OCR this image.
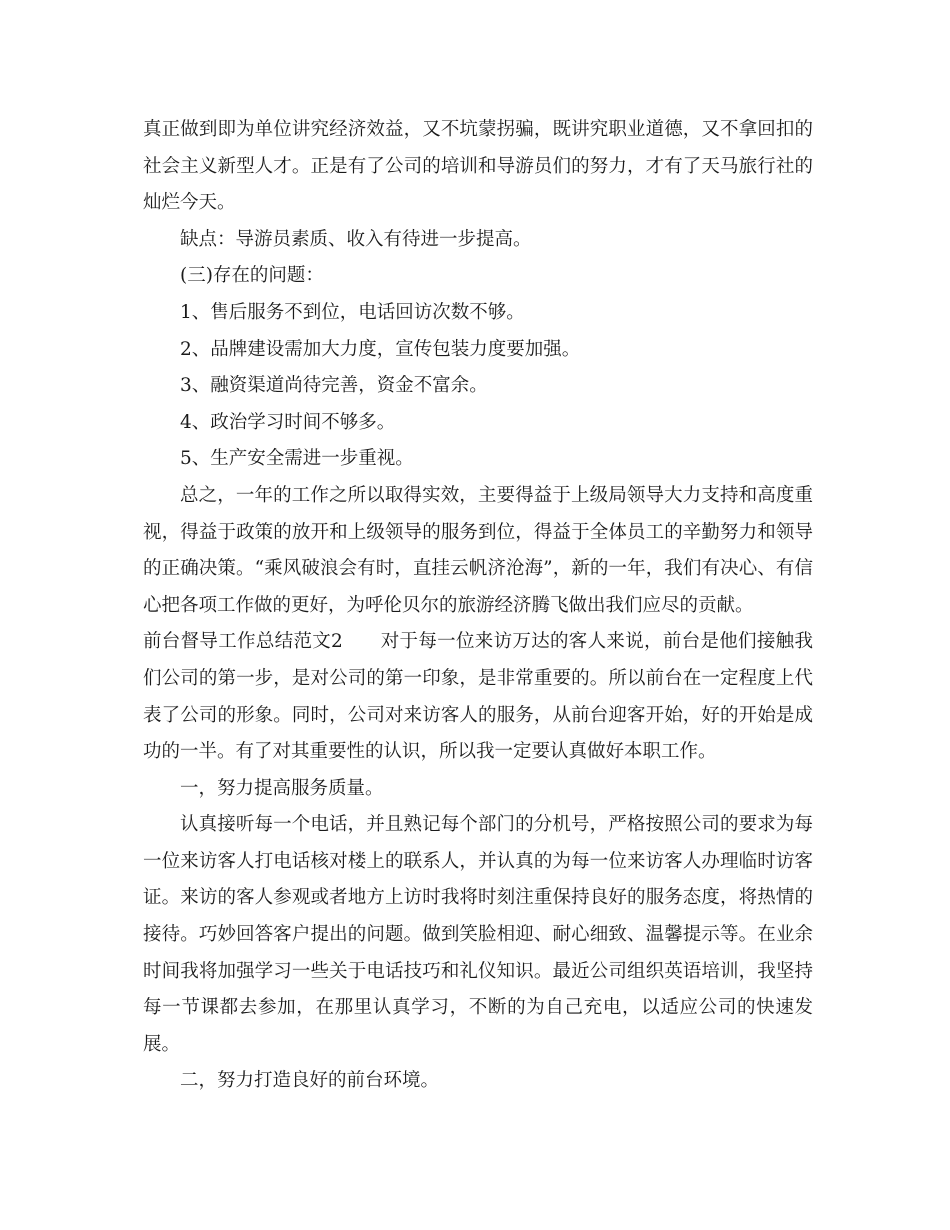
真正做到即为单位讲究经济效益，又不坑蒙拐骗，既讲究职业道德，又不拿回扣的社会主义新型人才。正是有了公司的培训和导游员们的努力，才有了天马旅行社的灿烂今天。

缺点：导游员素质、收入有待进一步提高。

(三)存在的问题：

1、售后服务不到位，电话回访次数不够。

2、品牌建设需加大力度，宣传包装力度要加强。

3、融资渠道尚待完善，资金不富余。

4、政治学习时间不够多。

5、生产安全需进一步重视。

总之，一年的工作之所以取得实效，主要得益于上级局领导大力支持和高度重视，得益于政策的放开和上级领导的服务到位，得益于全体员工的辛勤努力和领导的正确决策。“乘风破浪会有时，直挂云帆济沧海”，新的一年，我们有决心、有信心把各项工作做的更好，为呼伦贝尔的旅游经济腾飞做出我们应尽的贡献。

前台督导工作总结范文2　　 对于每一位来访万达的客人来说，前台是他们接触我们公司的第一步，是对公司的第一印象，是非常重要的。所以前台在一定程度上代表了公司的形象。同时，公司对来访客人的服务，从前台迎客开始，好的开始是成功的一半。有了对其重要性的认识，所以我一定要认真做好本职工作。

一，努力提高服务质量。

认真接听每一个电话，并且熟记每个部门的分机号，严格按照公司的要求为每一位来访客人打电话核对楼上的联系人，并认真的为每一位来访客人办理临时访客证。来访的客人参观或者地方上访时我将时刻注重保持良好的服务态度，将热情的接待。巧妙回答客户提出的问题。做到笑脸相迎、耐心细致、温馨提示等。在业余时间我将加强学习一些关于电话技巧和礼仪知识。最近公司组织英语培训，我坚持每一节课都去参加，在那里认真学习，不断的为自己充电，以适应公司的快速发展。

二，努力打造良好的前台环境。
